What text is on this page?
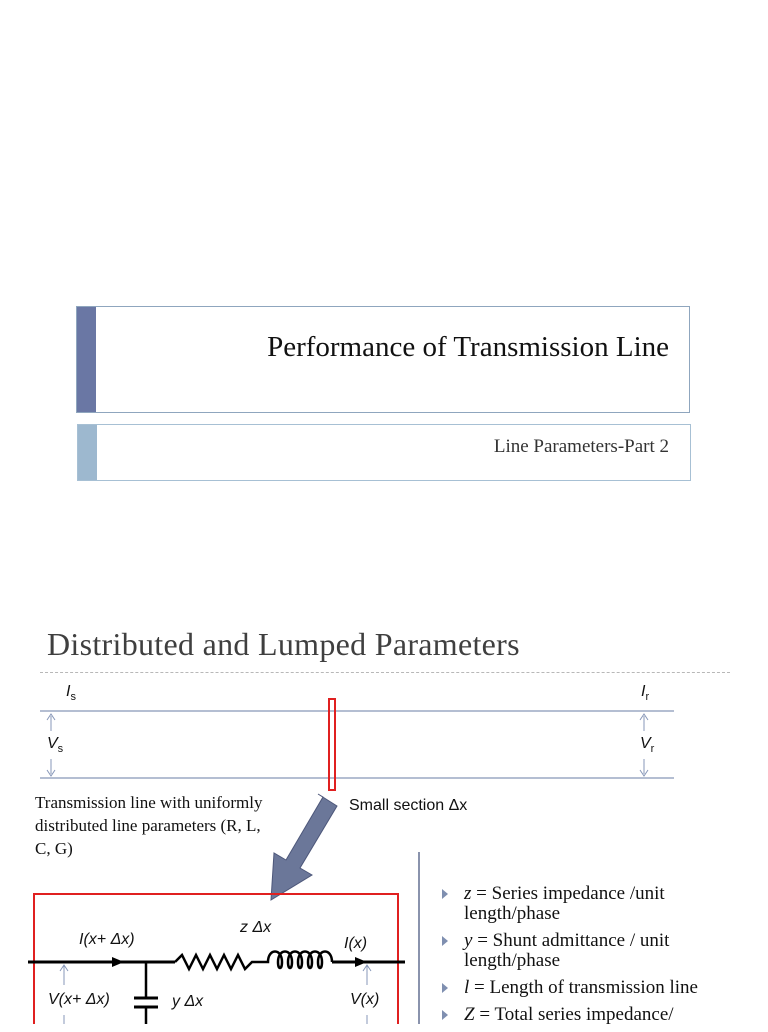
Performance of Transmission Line
Line Parameters-Part 2
Distributed and Lumped Parameters
$I_s$	$I_r$
$V_s$	$V_r$
Transmission line with uniformly distributed line parameters (R, L, C, G)
Small section Δx
I(x+ Δx)
z Δx
I(x)
V(x+ Δx)	y Δx	V(x)
z = Series impedance /unit length/phase
y = Shunt admittance / unit length/phase
l = Length of transmission line
Z = Total series impedance/
